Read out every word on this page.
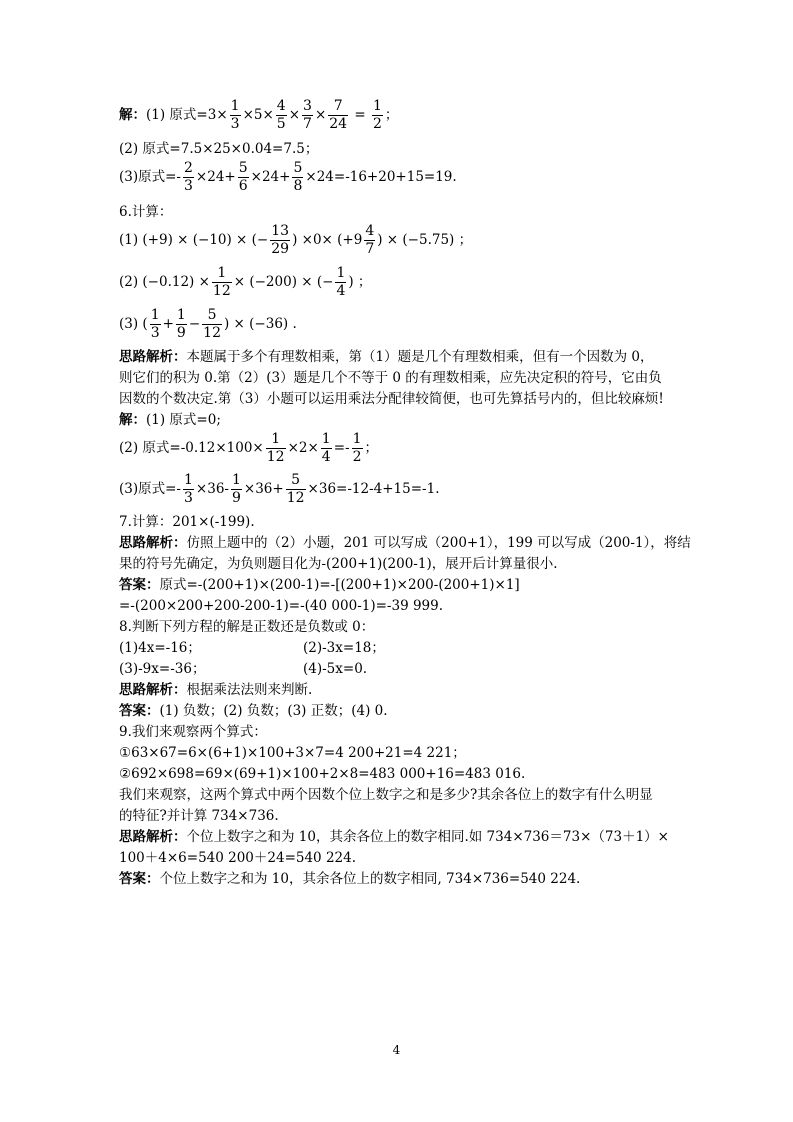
解：(1) 原式$=3\times \frac{1}{3} \times 5\times \frac{4}{5} \times \frac{3}{7} \times \frac{7}{24} = \frac{1}{2}$ ；
(2) 原式=7.5×25×0.04=7.5；
(3)原式=- $\frac{2}{3} \times 24+ \frac{5}{6} \times 24+ \frac{5}{8} \times 24=-16+20+15=19$.
6.计算：
(1) (+9) × (−10) × (− $\frac{13}{29}$ ) $\times 0\times (+9 \frac{4}{7}$ ) × (−5.75) ；
(2) $(-0.12) \times \frac{1}{12} \times (-200)$ × (− $\frac{1}{4}$ ) ；
(3) ( $\frac{1}{3} + \frac{1}{9} - \frac{5}{12}$ ) × (−36) .
思路解析：本题属于多个有理数相乘，第（1）题是几个有理数相乘，但有一个因数为 0，
则它们的积为 0.第（2）(3）题是几个不等于 0 的有理数相乘，应先决定积的符号，它由负
因数的个数决定.第（3）小题可以运用乘法分配律较简便，也可先算括号内的，但比较麻烦!
解：(1) 原式=0;
(2) 原式$=-0.12\times 100\times \frac{1}{12} \times 2\times \frac{1}{4} =- \frac{1}{2}$ ；
(3)原式=- $\frac{1}{3} \times 36- \frac{1}{9} \times 36+ \frac{5}{12} \times 36=-12-4+15=-1$.
7.计算：201×(-199).
思路解析：仿照上题中的（2）小题，201 可以写成（200+1），199 可以写成（200-1），将结
果的符号先确定，为负则题目化为-(200+1)(200-1)，展开后计算量很小.
答案：原式=-(200+1)×(200-1)=-[(200+1)×200-(200+1)×1]
=-(200×200+200-200-1)=-(40 000-1)=-39 999.
8.判断下列方程的解是正数还是负数或 0：
(1)4x=-16；	(2)-3x=18；
(3)-9x=-36；	(4)-5x=0.
思路解析：根据乘法法则来判断.
答案：(1) 负数；(2) 负数；(3) 正数；(4) 0.
9.我们来观察两个算式：
①63×67=6×(6+1)×100+3×7=4 200+21=4 221；
②692×698=69×(69+1)×100+2×8=483 000+16=483 016.
我们来观察，这两个算式中两个因数个位上数字之和是多少?其余各位上的数字有什么明显
的特征?并计算 734×736.
思路解析：个位上数字之和为 10，其余各位上的数字相同.如 734×736＝73×（73＋1）×
100＋4×6=540 200＋24=540 224.
答案：个位上数字之和为 10，其余各位上的数字相同, 734×736=540 224.
4
